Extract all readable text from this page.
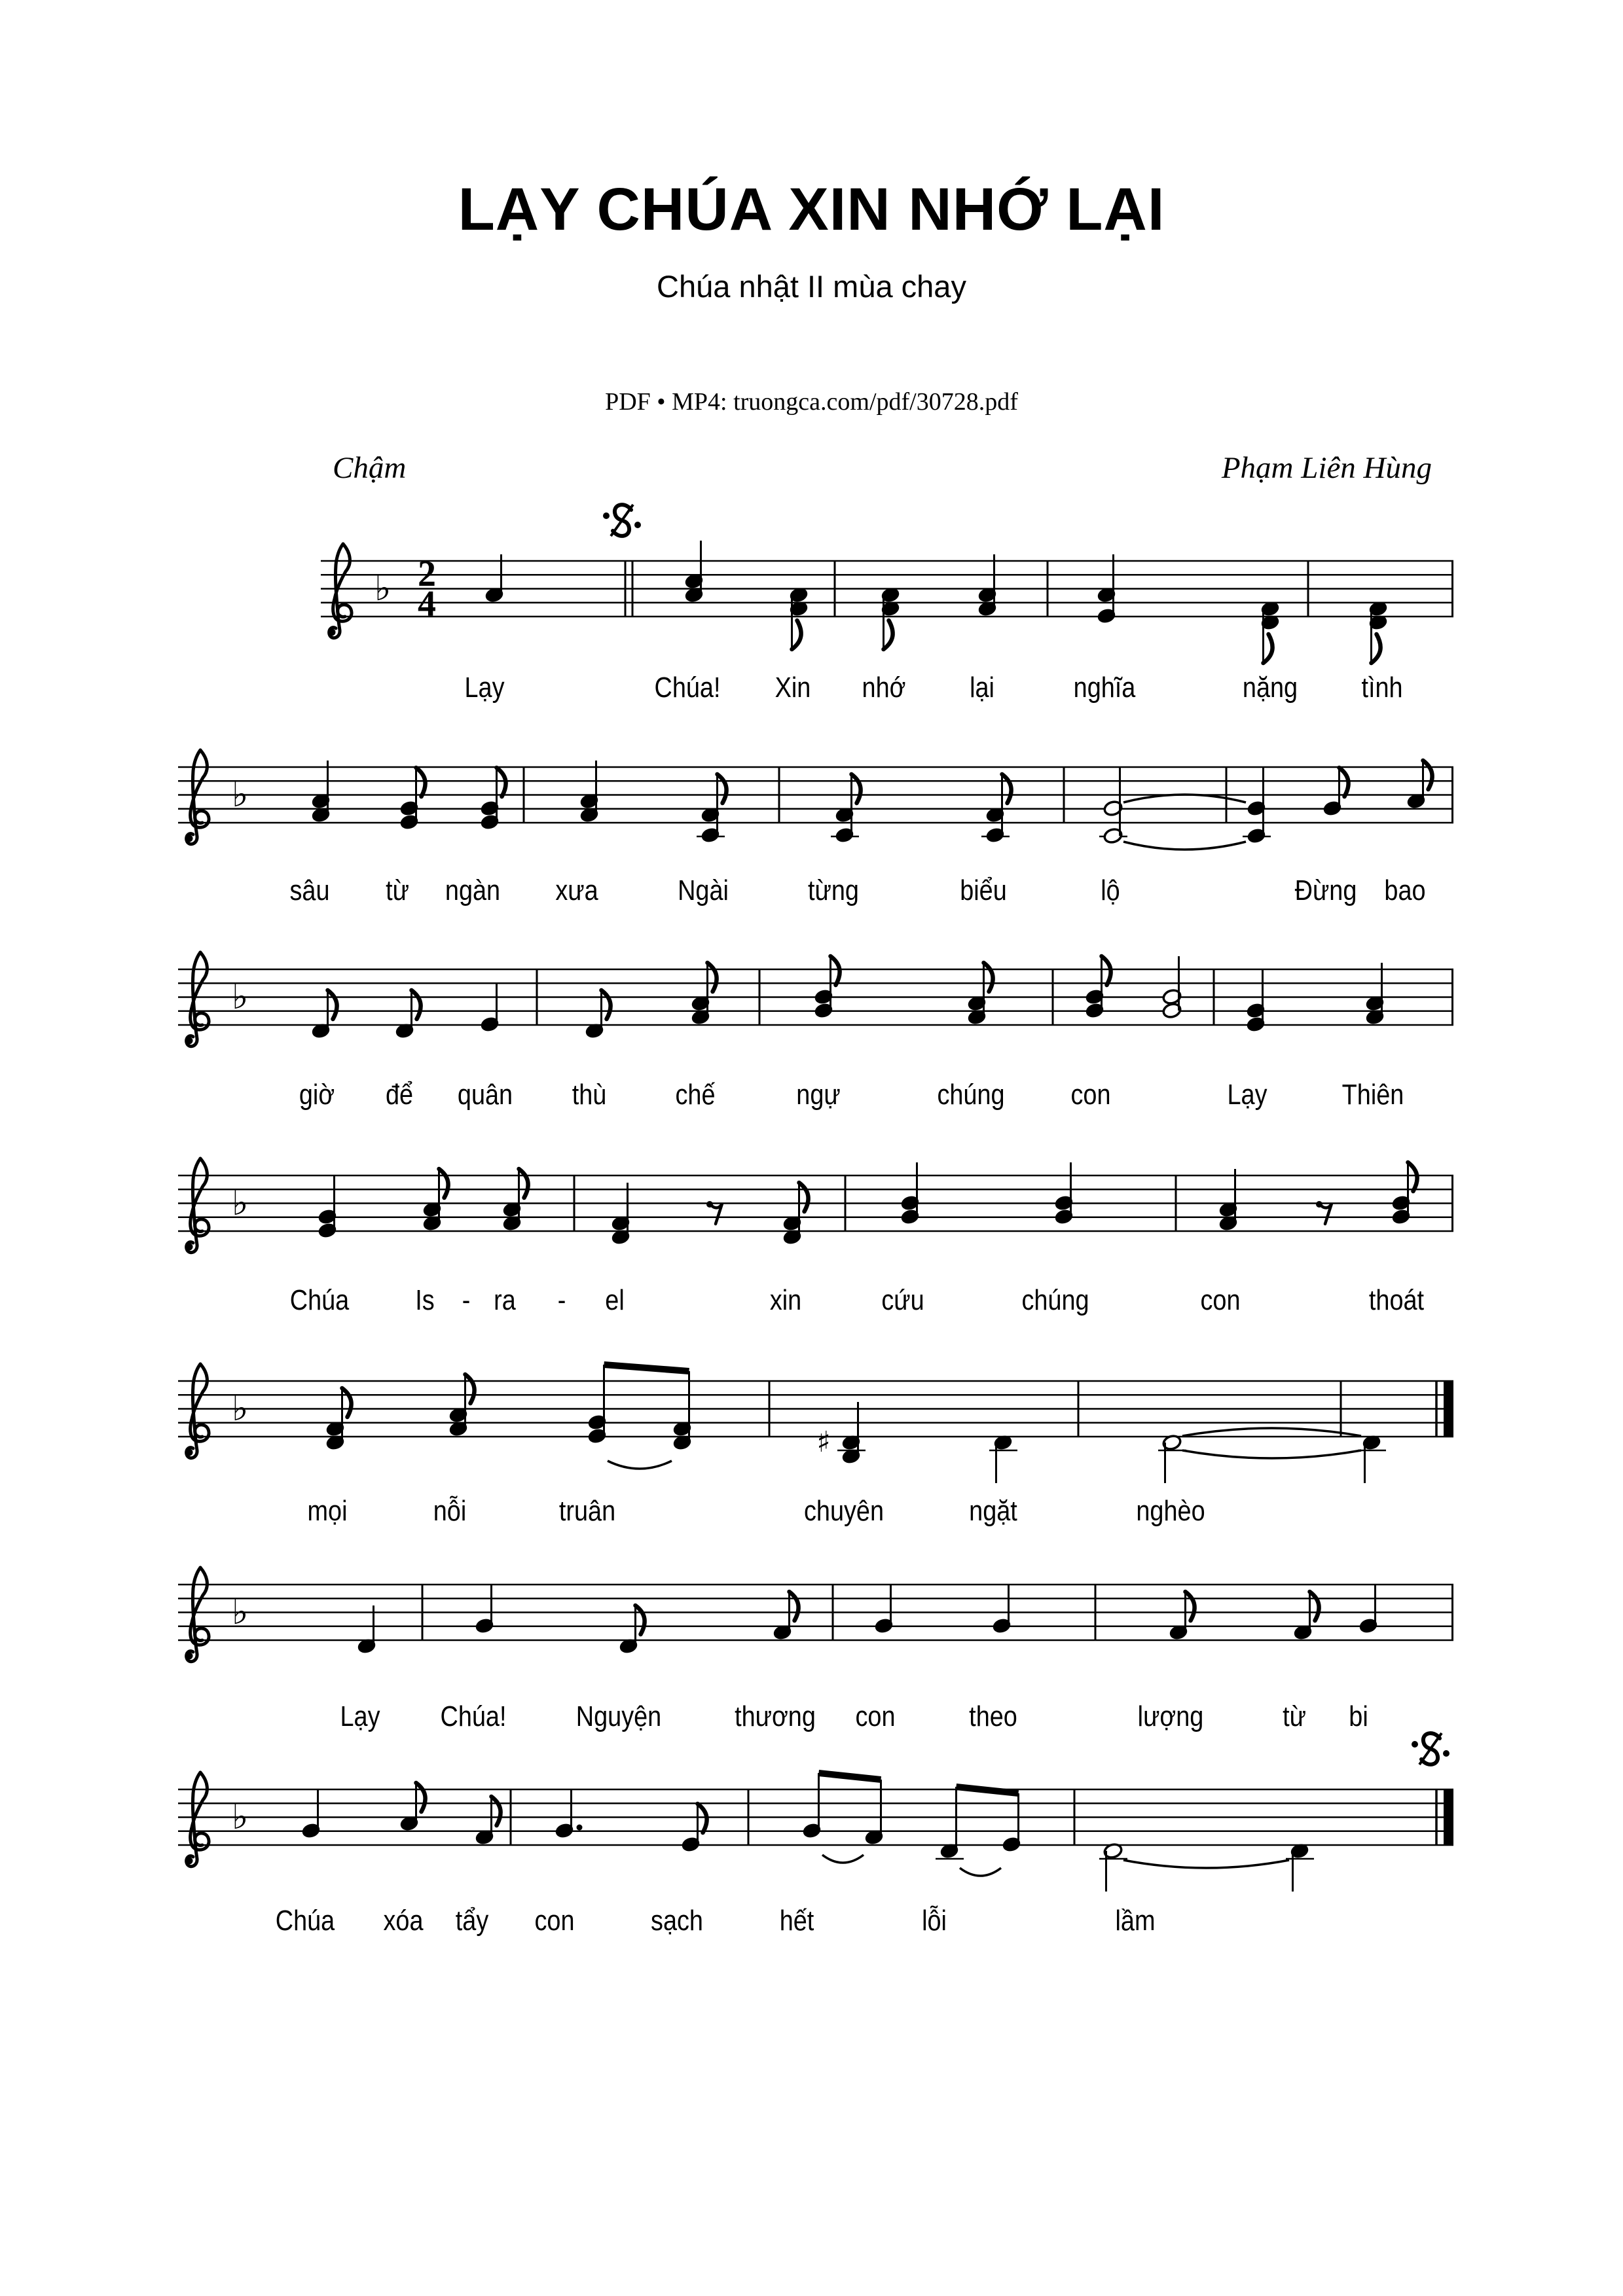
LẠY CHÚA XIN NHỚ LẠI
Chúa nhật II mùa chay
PDF • MP4: truongca.com/pdf/30728.pdf
Chậm	Phạm Liên Hùng
♭ 2
4
Lạy	Chúa! Xin nhớ lại	nghĩa	nặng tình
♭
sâu từ ngàn xưa	Ngài	từng	biểu	lộ	Đừng bao
♭
giờ để quân thù chế	ngự	chúng con	Lạy	Thiên
♭
Chúa Is - ra - el	xin	cứu	chúng	con	thoát
♭
♯
mọi	nỗi	truân	chuyên	ngặt	nghèo
♭
Lạy Chúa! Nguyện	thương con	theo	lượng	từ bi
♭
Chúa xóa tẩy con	sạch	hết	lỗi	lầm
